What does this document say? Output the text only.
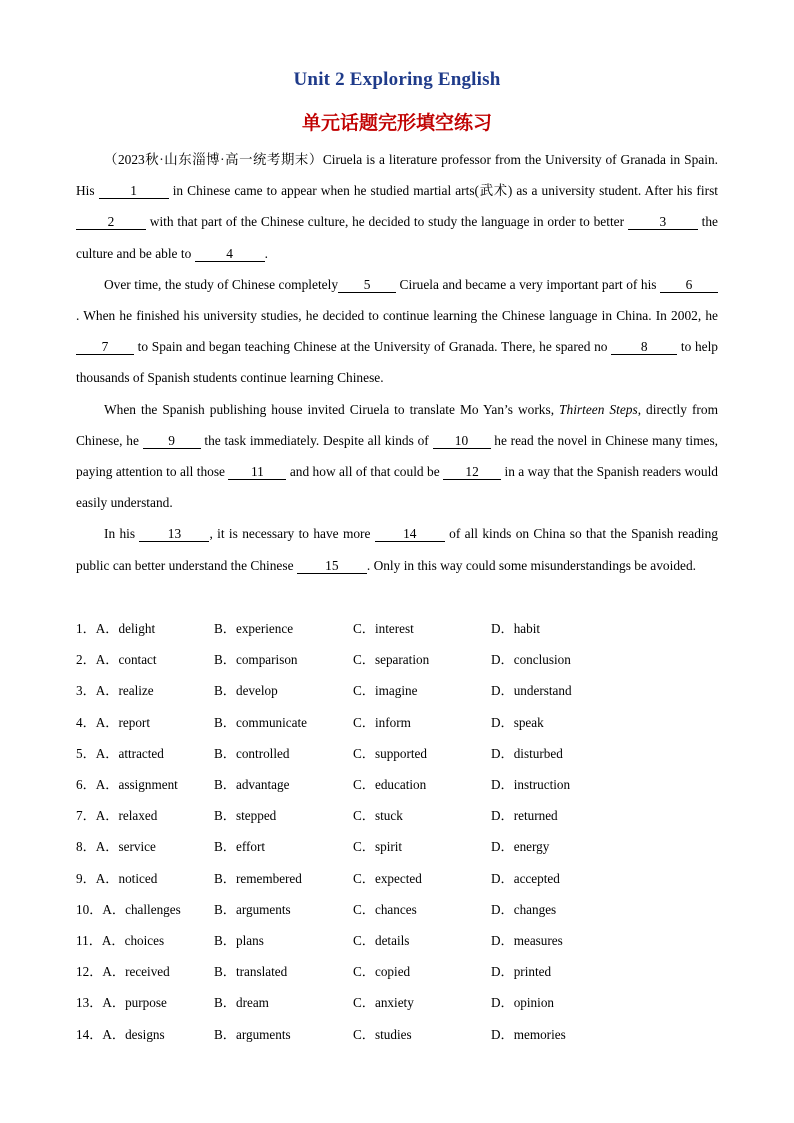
Unit 2 Exploring English
单元话题完形填空练习

（2023秋·山东淄博·高一统考期末）Ciruela is a literature professor from the University of Granada in Spain. His 1 in Chinese came to appear when he studied martial arts(武术) as a university student. After his first 2 with that part of the Chinese culture, he decided to study the language in order to better 3 the culture and be able to 4 .

Over time, the study of Chinese completely 5 Ciruela and became a very important part of his 6. When he finished his university studies, he decided to continue learning the Chinese language in China. In 2002, he 7 to Spain and began teaching Chinese at the University of Granada. There, he spared no 8 to help thousands of Spanish students continue learning Chinese.

When the Spanish publishing house invited Ciruela to translate Mo Yan’s works, Thirteen Steps, directly from Chinese, he 9 the task immediately. Despite all kinds of 10 he read the novel in Chinese many times, paying attention to all those 11 and how all of that could be 12 in a way that the Spanish readers would easily understand.

In his 13 , it is necessary to have more 14 of all kinds on China so that the Spanish reading public can better understand the Chinese 15 . Only in this way could some misunderstandings be avoided.

1．A．delight	B．experience	C．interest	D．habit
2．A．contact	B．comparison	C．separation	D．conclusion
3．A．realize	B．develop	C．imagine	D．understand
4．A．report	B．communicate	C．inform	D．speak
5．A．attracted	B．controlled	C．supported	D．disturbed
6．A．assignment	B．advantage	C．education	D．instruction
7．A．relaxed	B．stepped	C．stuck	D．returned
8．A．service	B．effort	C．spirit	D．energy
9．A．noticed	B．remembered	C．expected	D．accepted
10．A．challenges	B．arguments	C．chances	D．changes
11．A．choices	B．plans	C．details	D．measures
12．A．received	B．translated	C．copied	D．printed
13．A．purpose	B．dream	C．anxiety	D．opinion
14．A．designs	B．arguments	C．studies	D．memories
